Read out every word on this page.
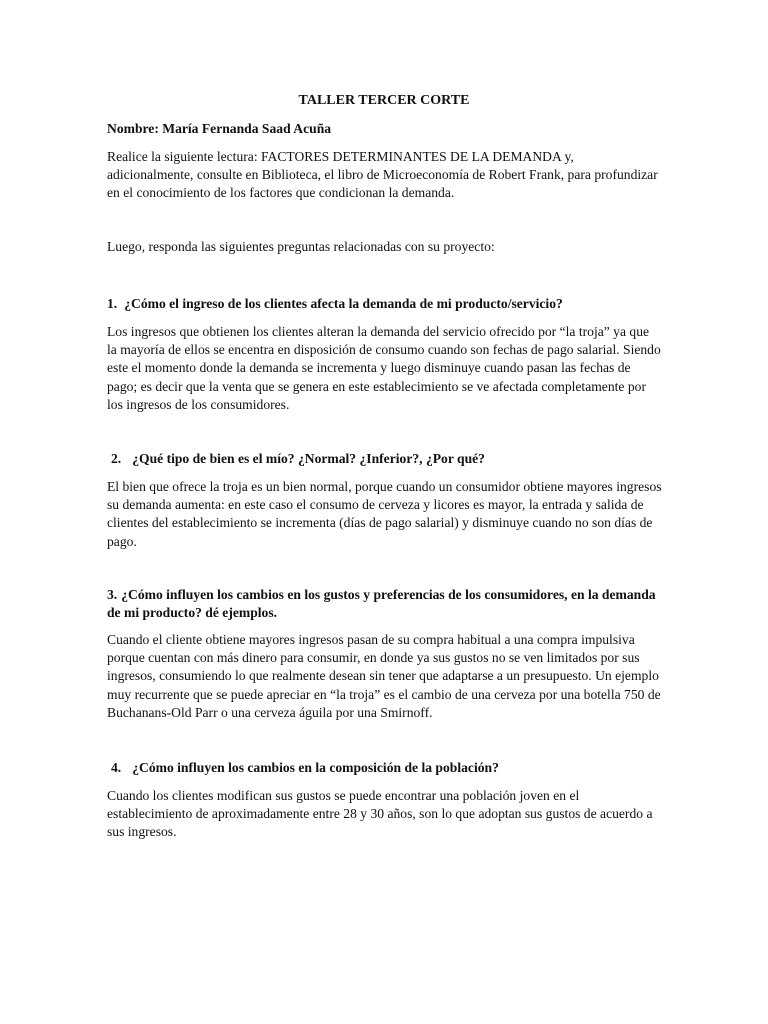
TALLER TERCER CORTE
Nombre: María Fernanda Saad Acuña
Realice la siguiente lectura: FACTORES DETERMINANTES DE LA DEMANDA y, adicionalmente, consulte en Biblioteca, el libro de Microeconomía de Robert Frank, para profundizar en el conocimiento de los factores que condicionan la demanda.
Luego, responda las siguientes preguntas relacionadas con su proyecto:
1. ¿Cómo el ingreso de los clientes afecta la demanda de mi producto/servicio?
Los ingresos que obtienen los clientes alteran la demanda del servicio ofrecido por “la troja” ya que la mayoría de ellos se encentra en disposición de consumo cuando son fechas de pago salarial. Siendo este el momento donde la demanda se incrementa y luego disminuye cuando pasan las fechas de pago; es decir que la venta que se genera en este establecimiento se ve afectada completamente por los ingresos de los consumidores.
2. ¿Qué tipo de bien es el mío? ¿Normal? ¿Inferior?, ¿Por qué?
El bien que ofrece la troja es un bien normal, porque cuando un consumidor obtiene mayores ingresos su demanda aumenta: en este caso el consumo de cerveza y licores es mayor, la entrada y salida de clientes del establecimiento se incrementa (días de pago salarial) y disminuye cuando no son días de pago.
3. ¿Cómo influyen los cambios en los gustos y preferencias de los consumidores, en la demanda de mi producto? dé ejemplos.
Cuando el cliente obtiene mayores ingresos pasan de su compra habitual a una compra impulsiva porque cuentan con más dinero para consumir, en donde ya sus gustos no se ven limitados por sus ingresos, consumiendo lo que realmente desean sin tener que adaptarse a un presupuesto. Un ejemplo muy recurrente que se puede apreciar en “la troja” es el cambio de una cerveza por una botella 750 de Buchanans-Old Parr o una cerveza águila por una Smirnoff.
4. ¿Cómo influyen los cambios en la composición de la población?
Cuando los clientes modifican sus gustos se puede encontrar una población joven en el establecimiento de aproximadamente entre 28 y 30 años, son lo que adoptan sus gustos de acuerdo a sus ingresos.
